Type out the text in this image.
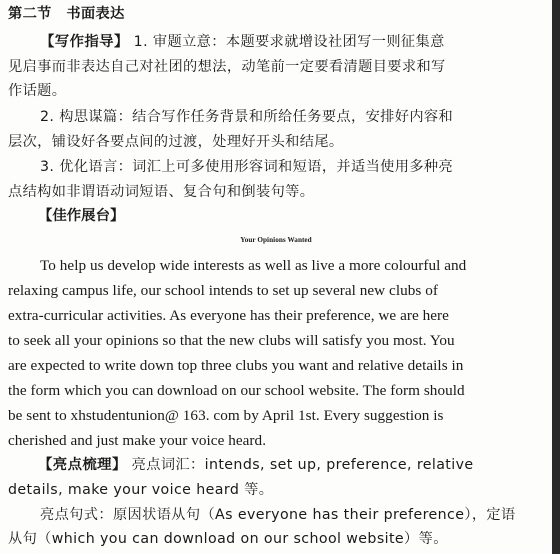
第二节　书面表达
【写作指导】 1. 审题立意：本题要求就增设社团写一则征集意
见启事而非表达自己对社团的想法，动笔前一定要看清题目要求和写
作话题。
2. 构思谋篇：结合写作任务背景和所给任务要点，安排好内容和
层次，铺设好各要点间的过渡，处理好开头和结尾。
3. 优化语言：词汇上可多使用形容词和短语，并适当使用多种亮
点结构如非谓语动词短语、复合句和倒装句等。
【佳作展台】
Your Opinions Wanted
To help us develop wide interests as well as live a more colourful and
relaxing campus life, our school intends to set up several new clubs of
extra-curricular activities. As everyone has their preference, we are here
to seek all your opinions so that the new clubs will satisfy you most. You
are expected to write down top three clubs you want and relative details in
the form which you can download on our school website. The form should
be sent to xhstudentunion@ 163. com by April 1st. Every suggestion is
cherished and just make your voice heard.
【亮点梳理】 亮点词汇：intends, set up, preference, relative
details, make your voice heard 等。
亮点句式：原因状语从句（As everyone has their preference），定语
从句（which you can download on our school website）等。
